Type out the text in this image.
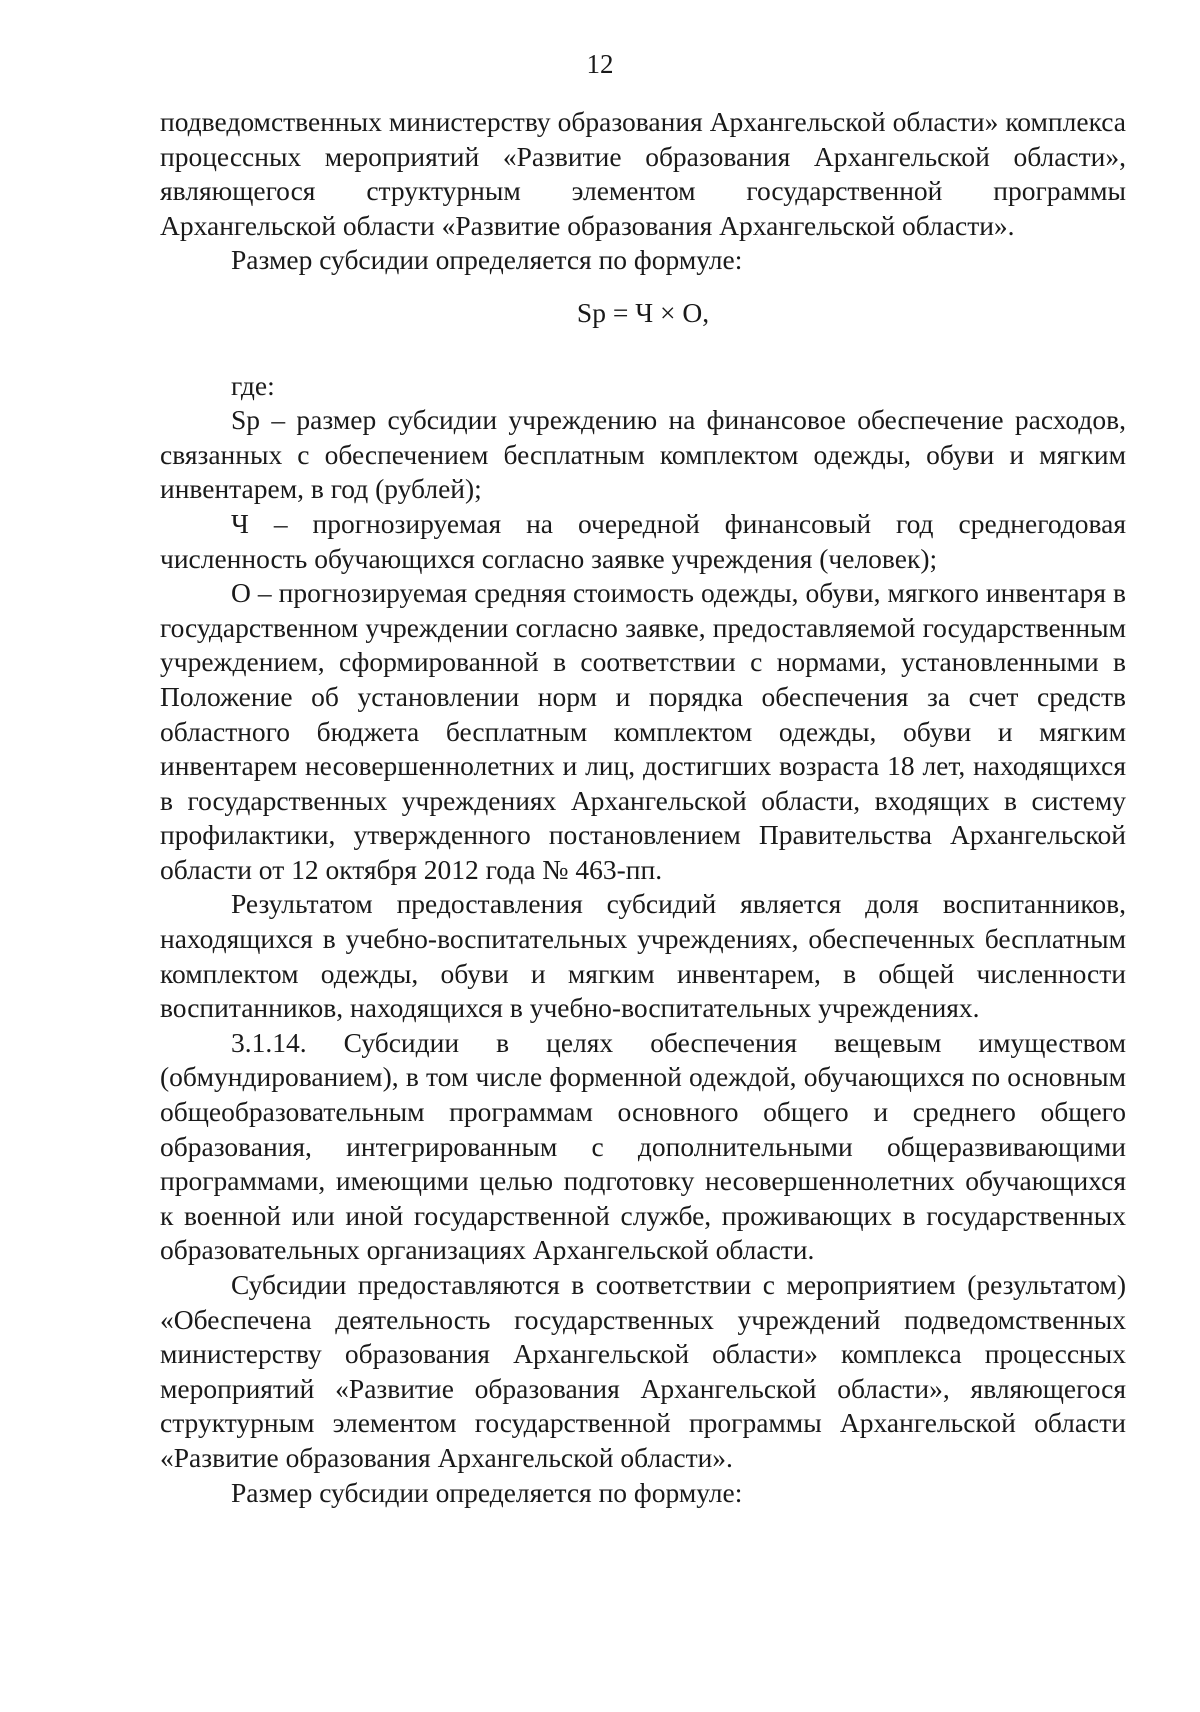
12

подведомственных министерству образования Архангельской области» комплекса процессных мероприятий «Развитие образования Архангельской области», являющегося структурным элементом государственной программы Архангельской области «Развитие образования Архангельской области».

Размер субсидии определяется по формуле:

Sp = Ч × О,

где:

Sp – размер субсидии учреждению на финансовое обеспечение расходов, связанных с обеспечением бесплатным комплектом одежды, обуви и мягким инвентарем, в год (рублей);

Ч – прогнозируемая на очередной финансовый год среднегодовая численность обучающихся согласно заявке учреждения (человек);

О – прогнозируемая средняя стоимость одежды, обуви, мягкого инвентаря в государственном учреждении согласно заявке, предоставляемой государственным учреждением, сформированной в соответствии с нормами, установленными в Положение об установлении норм и порядка обеспечения за счет средств областного бюджета бесплатным комплектом одежды, обуви и мягким инвентарем несовершеннолетних и лиц, достигших возраста 18 лет, находящихся в государственных учреждениях Архангельской области, входящих в систему профилактики, утвержденного постановлением Правительства Архангельской области от 12 октября 2012 года № 463-пп.

Результатом предоставления субсидий является доля воспитанников, находящихся в учебно-воспитательных учреждениях, обеспеченных бесплатным комплектом одежды, обуви и мягким инвентарем, в общей численности воспитанников, находящихся в учебно-воспитательных учреждениях.

3.1.14. Субсидии в целях обеспечения вещевым имуществом (обмундированием), в том числе форменной одеждой, обучающихся по основным общеобразовательным программам основного общего и среднего общего образования, интегрированным с дополнительными общеразвивающими программами, имеющими целью подготовку несовершеннолетних обучающихся к военной или иной государственной службе, проживающих в государственных образовательных организациях Архангельской области.

Субсидии предоставляются в соответствии с мероприятием (результатом) «Обеспечена деятельность государственных учреждений подведомственных министерству образования Архангельской области» комплекса процессных мероприятий «Развитие образования Архангельской области», являющегося структурным элементом государственной программы Архангельской области «Развитие образования Архангельской области».

Размер субсидии определяется по формуле:
